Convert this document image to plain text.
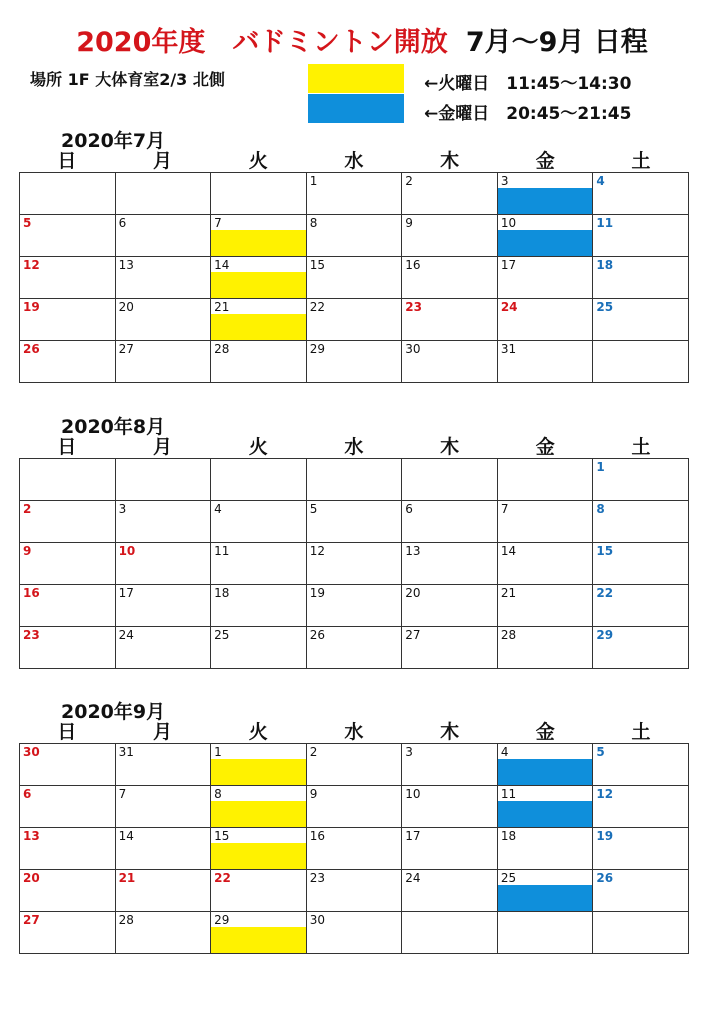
2020年度　バドミントン開放 7月～9月 日程
場所 1F 大体育室2/3 北側	←火曜日　11:45～14:30
←金曜日　20:45～21:45
2020年7月
日	月	火	水	木	金	土

			1	2	3	4

5	6	7	8	9	10	11

12	13	14	15	16	17	18

19	20	21	22	23	24	25

26	27	28	29	30	31	

2020年8月
日	月	火	水	木	金	土

						1

2	3	4	5	6	7	8

9	10	11	12	13	14	15

16	17	18	19	20	21	22

23	24	25	26	27	28	29
2020年9月
日	月	火	水	木	金	土
30	31	1	2	3	4	5

6	7	8	9	10	11	12

13	14	15	16	17	18	19

20	21	22	23	24	25	26

27	28	29	30			
